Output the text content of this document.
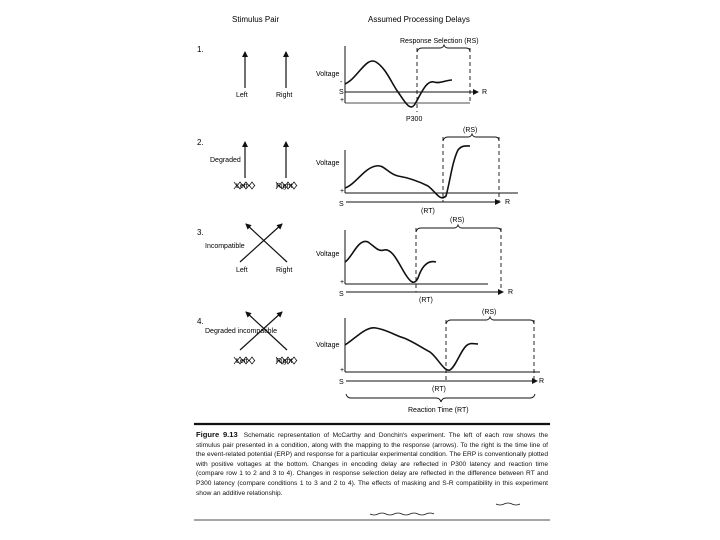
Stimulus Pair	Assumed Processing Delays
1.
Left	Right
Voltage
-
S
+
R
Response Selection (RS)
P300
2.
Degraded
Left	Right
Voltage
+
(RS)
S	R
(RT)
3.
Incompatible
Left	Right
Voltage
+
(RS)
S	R
(RT)
4.
Degraded incompatible
Left	Right
Voltage
+
(RS)
S	R
(RT)
Reaction Time (RT)
Figure 9.13 Schematic representation of McCarthy and Donchin's experiment. The left of each row shows the stimulus pair presented in a condition, along with the mapping to the response (arrows). To the right is the time line of the event-related potential (ERP) and response for a particular experimental condition. The ERP is conventionally plotted with positive voltages at the bottom. Changes in encoding delay are reflected in P300 latency and reaction time (compare row 1 to 2 and 3 to 4). Changes in response selection delay are reflected in the difference between RT and P300 latency (compare conditions 1 to 3 and 2 to 4). The effects of masking and S-R compatibility in this experiment show an additive relationship.
